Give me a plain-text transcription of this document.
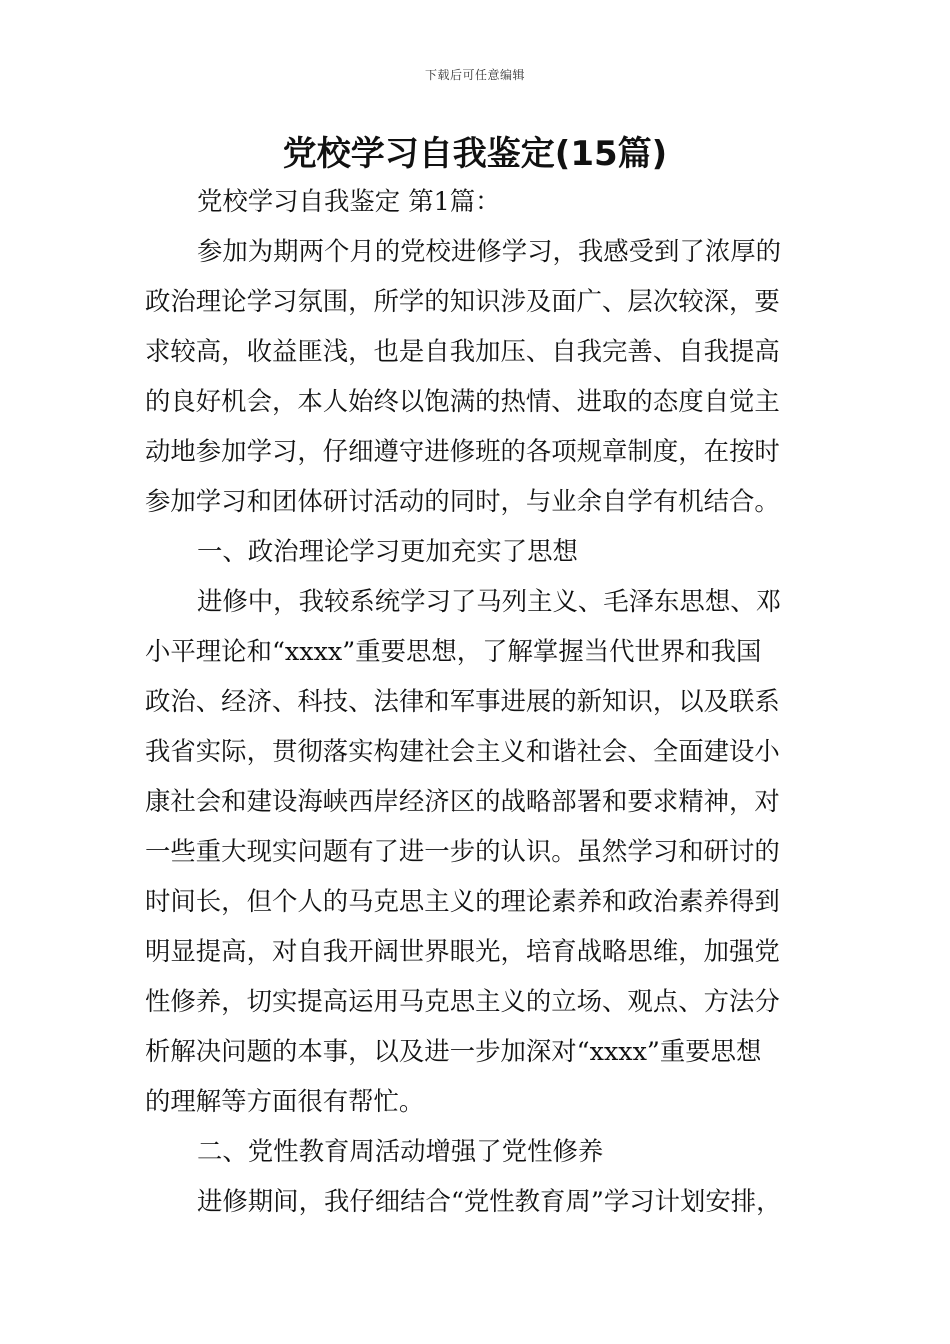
下载后可任意编辑
党校学习自我鉴定(15篇)
党校学习自我鉴定 第1篇：
参加为期两个月的党校进修学习，我感受到了浓厚的
政治理论学习氛围，所学的知识涉及面广、层次较深，要
求较高，收益匪浅，也是自我加压、自我完善、自我提高
的良好机会，本人始终以饱满的热情、进取的态度自觉主
动地参加学习，仔细遵守进修班的各项规章制度，在按时
参加学习和团体研讨活动的同时，与业余自学有机结合。
一、政治理论学习更加充实了思想
进修中，我较系统学习了马列主义、毛泽东思想、邓
小平理论和“xxxx”重要思想，了解掌握当代世界和我国
政治、经济、科技、法律和军事进展的新知识，以及联系
我省实际，贯彻落实构建社会主义和谐社会、全面建设小
康社会和建设海峡西岸经济区的战略部署和要求精神，对
一些重大现实问题有了进一步的认识。虽然学习和研讨的
时间长，但个人的马克思主义的理论素养和政治素养得到
明显提高，对自我开阔世界眼光，培育战略思维，加强党
性修养，切实提高运用马克思主义的立场、观点、方法分
析解决问题的本事，以及进一步加深对“xxxx”重要思想
的理解等方面很有帮忙。
二、党性教育周活动增强了党性修养
进修期间，我仔细结合“党性教育周”学习计划安排，
